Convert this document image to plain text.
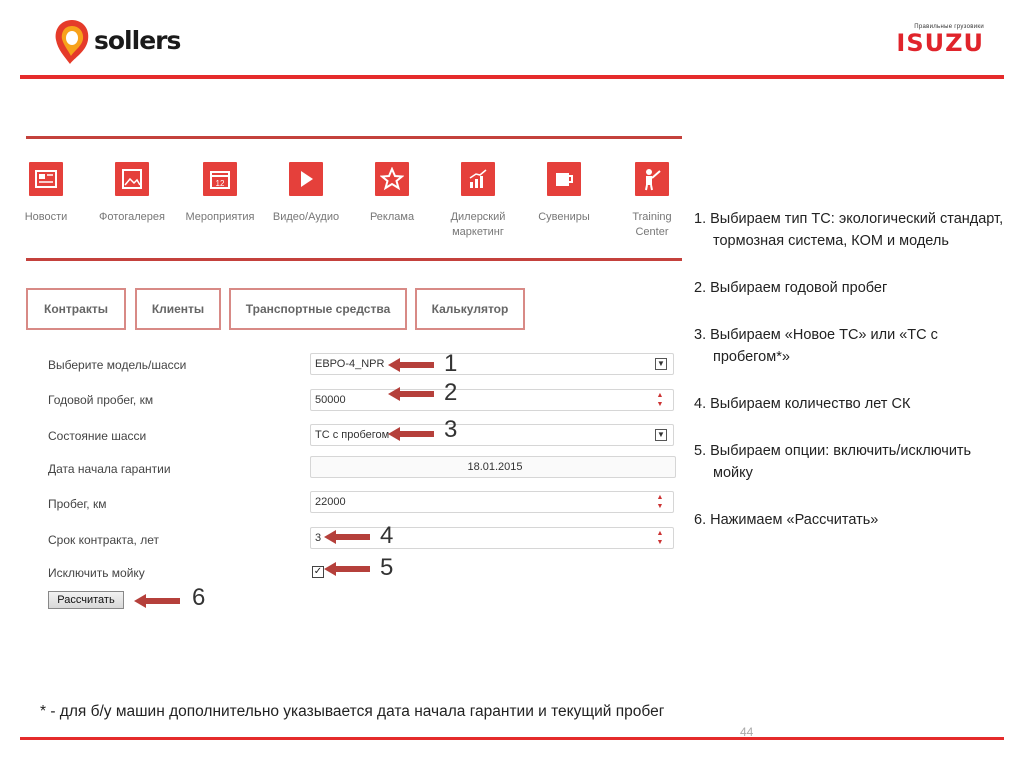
sollers	Правильные грузовики
ISUZU
Новости	Фотогалерея
12
Мероприятия	Видео/Аудио	Реклама	Дилерский маркетинг
Сувениры	Training Center
Контракты	Клиенты	Транспортные средства	Калькулятор
Выберите модель/шасси	ЕВРО-4_NPR	▼
Годовой пробег, км	50000	▲
▼
Состояние шасси	ТС с пробегом	▼
Дата начала гарантии	18.01.2015
Пробег, км	22000	▲
▼
Срок контракта, лет	3	▲
▼
Исключить мойку	✓
Рассчитать
1
2
3
4
5
6
1. Выбираем тип ТС: экологический стандарт, тормозная система, КОМ и модель
2. Выбираем годовой пробег
3. Выбираем «Новое ТС» или «ТС с пробегом*»
4. Выбираем количество лет СК
5. Выбираем опции: включить/исключить мойку
6. Нажимаем «Рассчитать»
* - для б/у машин дополнительно указывается дата начала гарантии и текущий пробег
44
